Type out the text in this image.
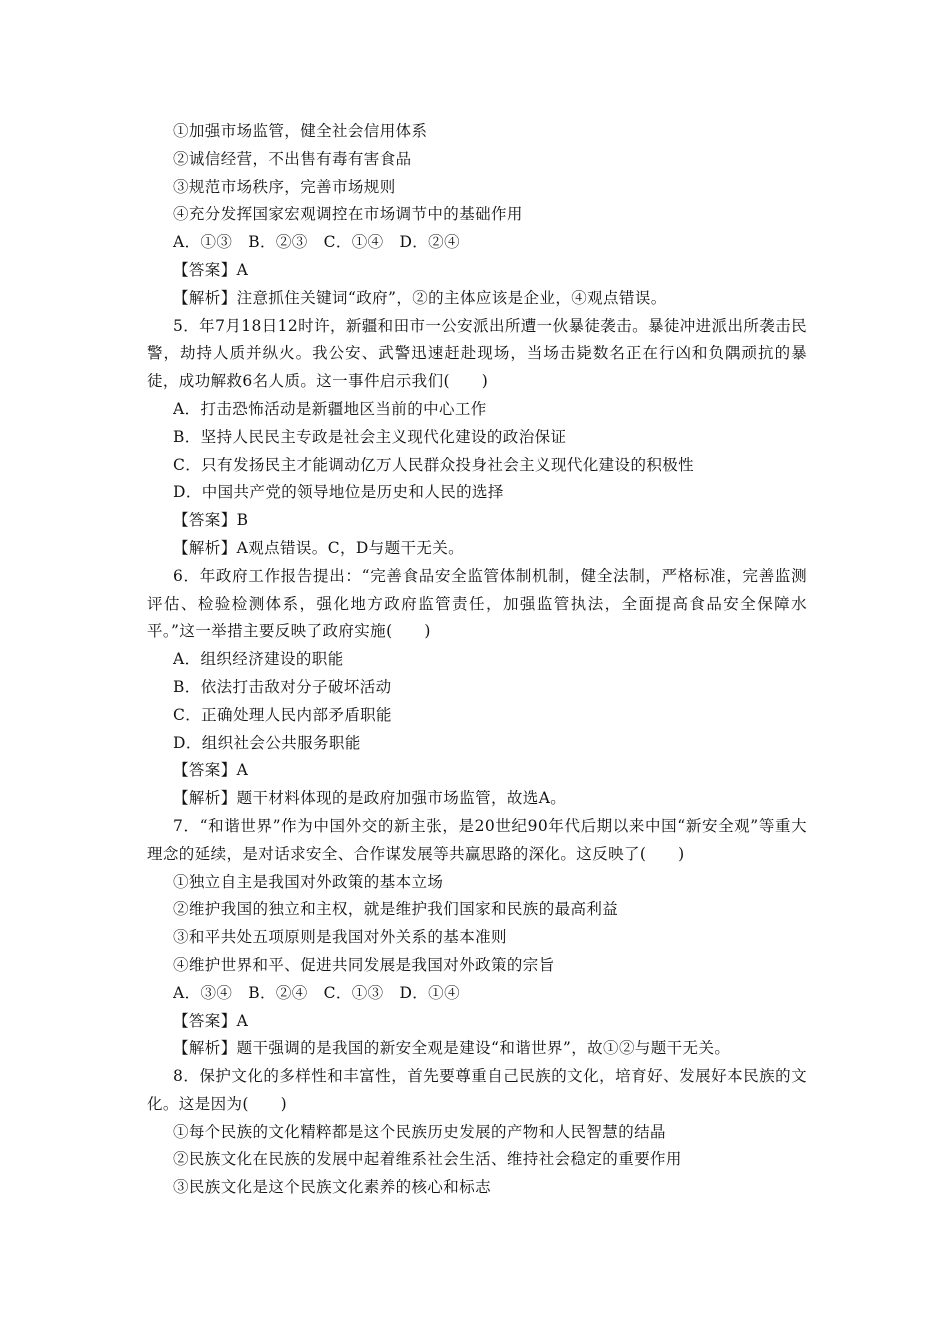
①加强市场监管，健全社会信用体系
②诚信经营，不出售有毒有害食品
③规范市场秩序，完善市场规则
④充分发挥国家宏观调控在市场调节中的基础作用
A．①③　B．②③　C．①④　D．②④
【答案】A
【解析】注意抓住关键词“政府”，②的主体应该是企业，④观点错误。
5．年7月18日12时许，新疆和田市一公安派出所遭一伙暴徒袭击。暴徒冲进派出所袭击民警，劫持人质并纵火。我公安、武警迅速赶赴现场，当场击毙数名正在行凶和负隅顽抗的暴徒，成功解救6名人质。这一事件启示我们(　　)
A．打击恐怖活动是新疆地区当前的中心工作
B．坚持人民民主专政是社会主义现代化建设的政治保证
C．只有发扬民主才能调动亿万人民群众投身社会主义现代化建设的积极性
D．中国共产党的领导地位是历史和人民的选择
【答案】B
【解析】A观点错误。C，D与题干无关。
6．年政府工作报告提出：“完善食品安全监管体制机制，健全法制，严格标准，完善监测评估、检验检测体系，强化地方政府监管责任，加强监管执法，全面提高食品安全保障水平。”这一举措主要反映了政府实施(　　)
A．组织经济建设的职能
B．依法打击敌对分子破坏活动
C．正确处理人民内部矛盾职能
D．组织社会公共服务职能
【答案】A
【解析】题干材料体现的是政府加强市场监管，故选A。
7．“和谐世界”作为中国外交的新主张，是20世纪90年代后期以来中国“新安全观”等重大理念的延续，是对话求安全、合作谋发展等共赢思路的深化。这反映了(　　)
①独立自主是我国对外政策的基本立场
②维护我国的独立和主权，就是维护我们国家和民族的最高利益
③和平共处五项原则是我国对外关系的基本准则
④维护世界和平、促进共同发展是我国对外政策的宗旨
A．③④　B．②④　C．①③　D．①④
【答案】A
【解析】题干强调的是我国的新安全观是建设“和谐世界”，故①②与题干无关。
8．保护文化的多样性和丰富性，首先要尊重自己民族的文化，培育好、发展好本民族的文化。这是因为(　　)
①每个民族的文化精粹都是这个民族历史发展的产物和人民智慧的结晶
②民族文化在民族的发展中起着维系社会生活、维持社会稳定的重要作用
③民族文化是这个民族文化素养的核心和标志
